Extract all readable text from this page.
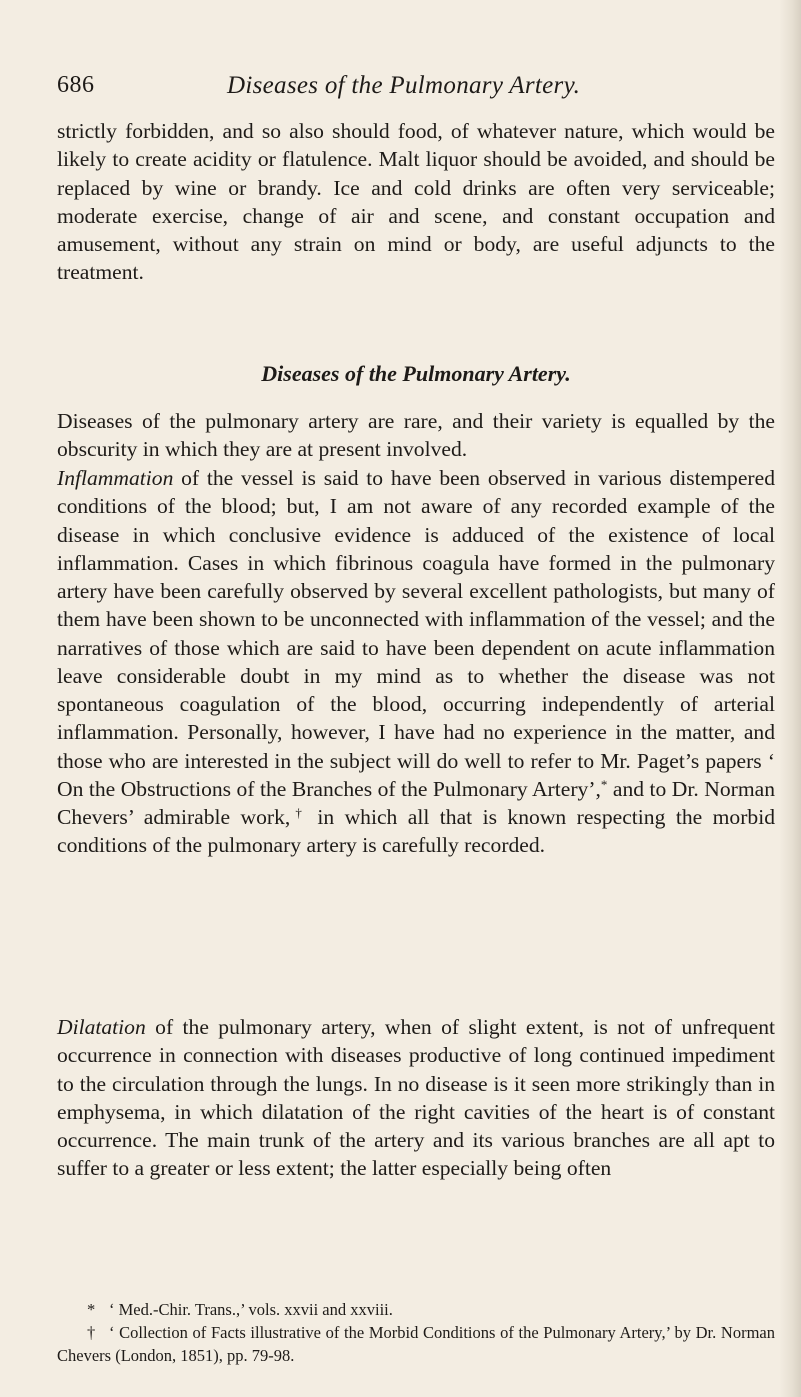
686	Diseases of the Pulmonary Artery.

strictly forbidden, and so also should food, of whatever nature, which would be likely to create acidity or flatulence. Malt liquor should be avoided, and should be replaced by wine or brandy. Ice and cold drinks are often very serviceable; moderate exercise, change of air and scene, and constant occupation and amusement, without any strain on mind or body, are useful adjuncts to the treatment.

Diseases of the Pulmonary Artery.

Diseases of the pulmonary artery are rare, and their variety is equalled by the obscurity in which they are at present involved.

Inflammation of the vessel is said to have been observed in various distempered conditions of the blood; but, I am not aware of any recorded example of the disease in which conclusive evidence is adduced of the existence of local inflammation. Cases in which fibrinous coagula have formed in the pulmonary artery have been carefully observed by several excellent pathologists, but many of them have been shown to be unconnected with inflammation of the vessel; and the narratives of those which are said to have been dependent on acute inflammation leave considerable doubt in my mind as to whether the disease was not spontaneous coagulation of the blood, occurring independently of arterial inflammation. Personally, however, I have had no experience in the matter, and those who are interested in the subject will do well to refer to Mr. Paget’s papers ‘ On the Obstructions of the Branches of the Pulmonary Artery’,* and to Dr. Norman Chevers’ admirable work,† in which all that is known respecting the morbid conditions of the pulmonary artery is carefully recorded.

Dilatation of the pulmonary artery, when of slight extent, is not of unfrequent occurrence in connection with diseases productive of long continued impediment to the circulation through the lungs. In no disease is it seen more strikingly than in emphysema, in which dilatation of the right cavities of the heart is of constant occurrence. The main trunk of the artery and its various branches are all apt to suffer to a greater or less extent; the latter especially being often

* ‘ Med.-Chir. Trans.,’ vols. xxvii and xxviii.

† ‘ Collection of Facts illustrative of the Morbid Conditions of the Pulmonary Artery,’ by Dr. Norman Chevers (London, 1851), pp. 79-98.
